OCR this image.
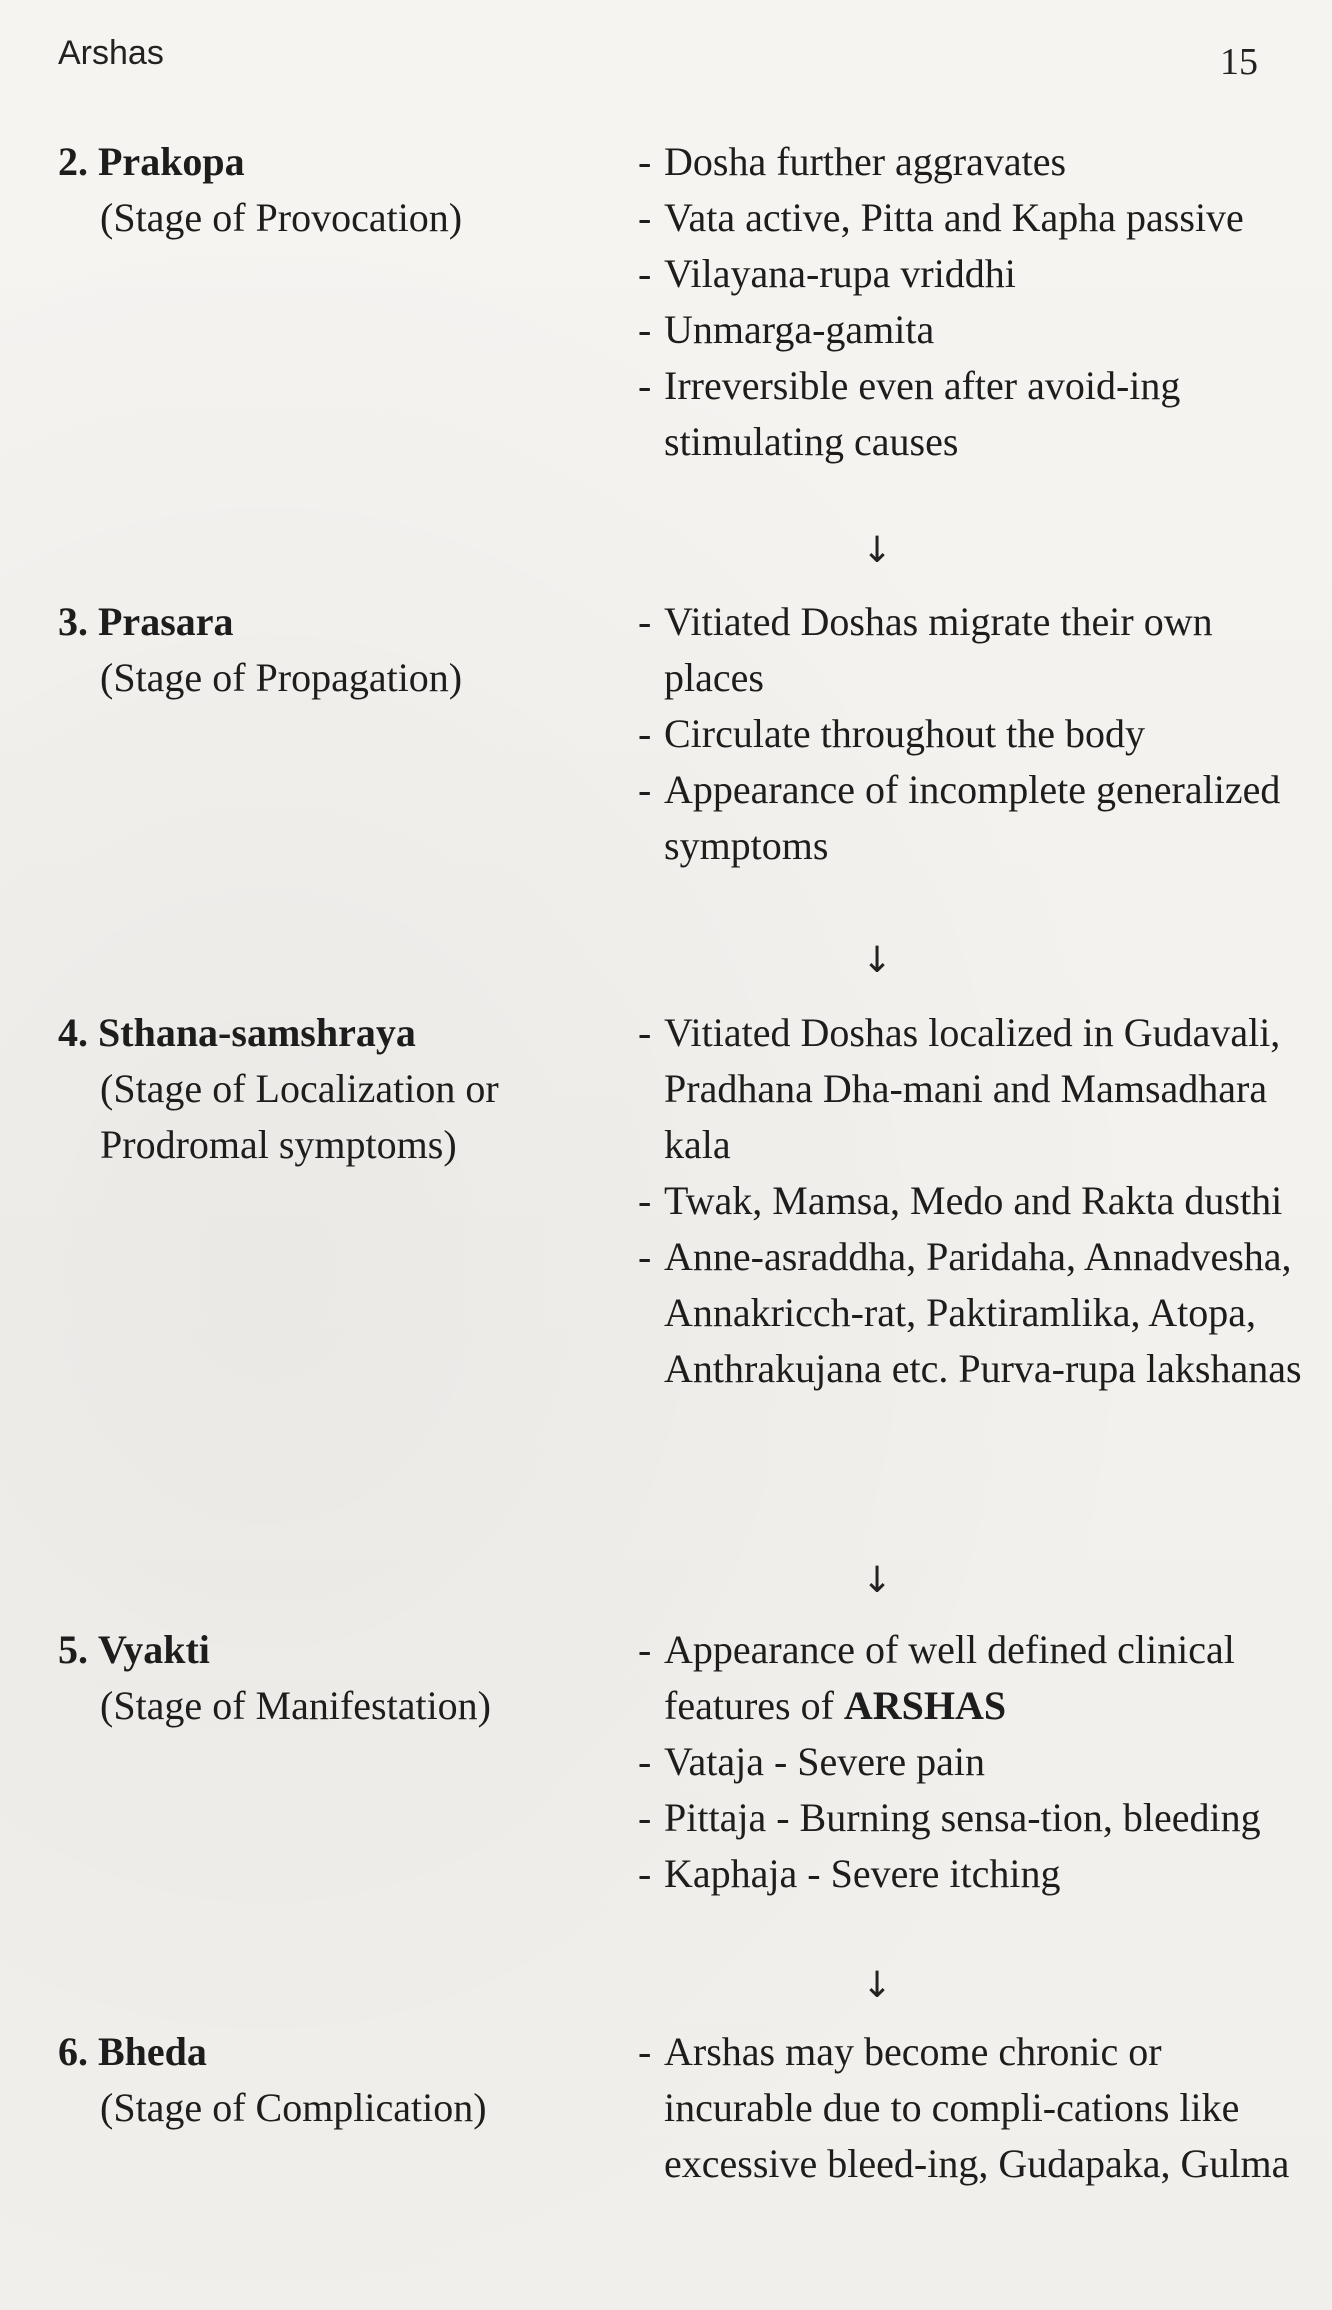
Arshas	15
2. Prakopa
(Stage of Provocation)
- Dosha further aggravates
- Vata active, Pitta and Kapha passive
- Vilayana-rupa vriddhi
- Unmarga-gamita
- Irreversible even after avoid-ing stimulating causes
↓
3. Prasara
(Stage of Propagation)
- Vitiated Doshas migrate their own places
- Circulate throughout the body
- Appearance of incomplete generalized symptoms
↓
4. Sthana-samshraya
(Stage of Localization or Prodromal symptoms)
- Vitiated Doshas localized in Gudavali, Pradhana Dha-mani and Mamsadhara kala
- Twak, Mamsa, Medo and Rakta dusthi
- Anne-asraddha, Paridaha, Annadvesha, Annakricch-rat, Paktiramlika, Atopa, Anthrakujana etc. Purva-rupa lakshanas
↓
5. Vyakti
(Stage of Manifestation)
- Appearance of well defined clinical features of ARSHAS
- Vataja - Severe pain
- Pittaja - Burning sensa-tion, bleeding
- Kaphaja - Severe itching
↓
6. Bheda
(Stage of Complication)
- Arshas may become chronic or incurable due to compli-cations like excessive bleed-ing, Gudapaka, Gulma
